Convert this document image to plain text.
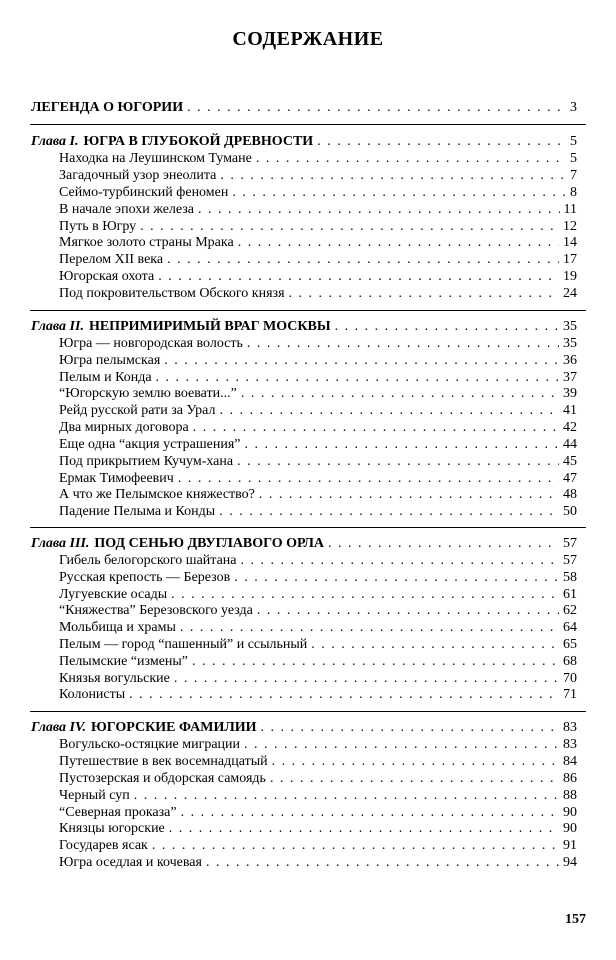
СОДЕРЖАНИЕ
ЛЕГЕНДА О ЮГОРИИ . . .	3
Глава I. ЮГРА В ГЛУБОКОЙ ДРЕВНОСТИ . . .	5
Находка на Леушинском Тумане . . .	5
Загадочный узор энеолита . . .	7
Сеймо-турбинский феномен . . .	8
В начале эпохи железа . . .	11
Путь в Югру . . .	12
Мягкое золото страны Мрака . . .	14
Перелом XII века . . .	17
Югорская охота . . .	19
Под покровительством Обского князя . . .	24
Глава II. НЕПРИМИРИМЫЙ ВРАГ МОСКВЫ . . .	35
Югра — новгородская волость . . .	35
Югра пелымская . . .	36
Пелым и Конда . . .	37
“Югорскую землю воевати...” . . .	39
Рейд русской рати за Урал . . .	41
Два мирных договора . . .	42
Еще одна “акция устрашения” . . .	44
Под прикрытием Кучум-хана . . .	45
Ермак Тимофеевич . . .	47
А что же Пелымское княжество? . . .	48
Падение Пелыма и Конды . . .	50
Глава III. ПОД СЕНЬЮ ДВУГЛАВОГО ОРЛА . . .	57
Гибель белогорского шайтана . . .	57
Русская крепость — Березов . . .	58
Лугуевские осады . . .	61
“Княжества” Березовского уезда . . .	62
Мольбища и храмы . . .	64
Пелым — город “пашенный” и ссыльный . . .	65
Пелымские “измены” . . .	68
Князья вогульские . . .	70
Колонисты . . .	71
Глава IV. ЮГОРСКИЕ ФАМИЛИИ . . .	83
Вогульско-остяцкие миграции . . .	83
Путешествие в век восемнадцатый . . .	84
Пустозерская и обдорская самоядь . . .	86
Черный суп . . .	88
“Северная проказа” . . .	90
Князцы югорские . . .	90
Государев ясак . . .	91
Югра оседлая и кочевая . . .	94
157
